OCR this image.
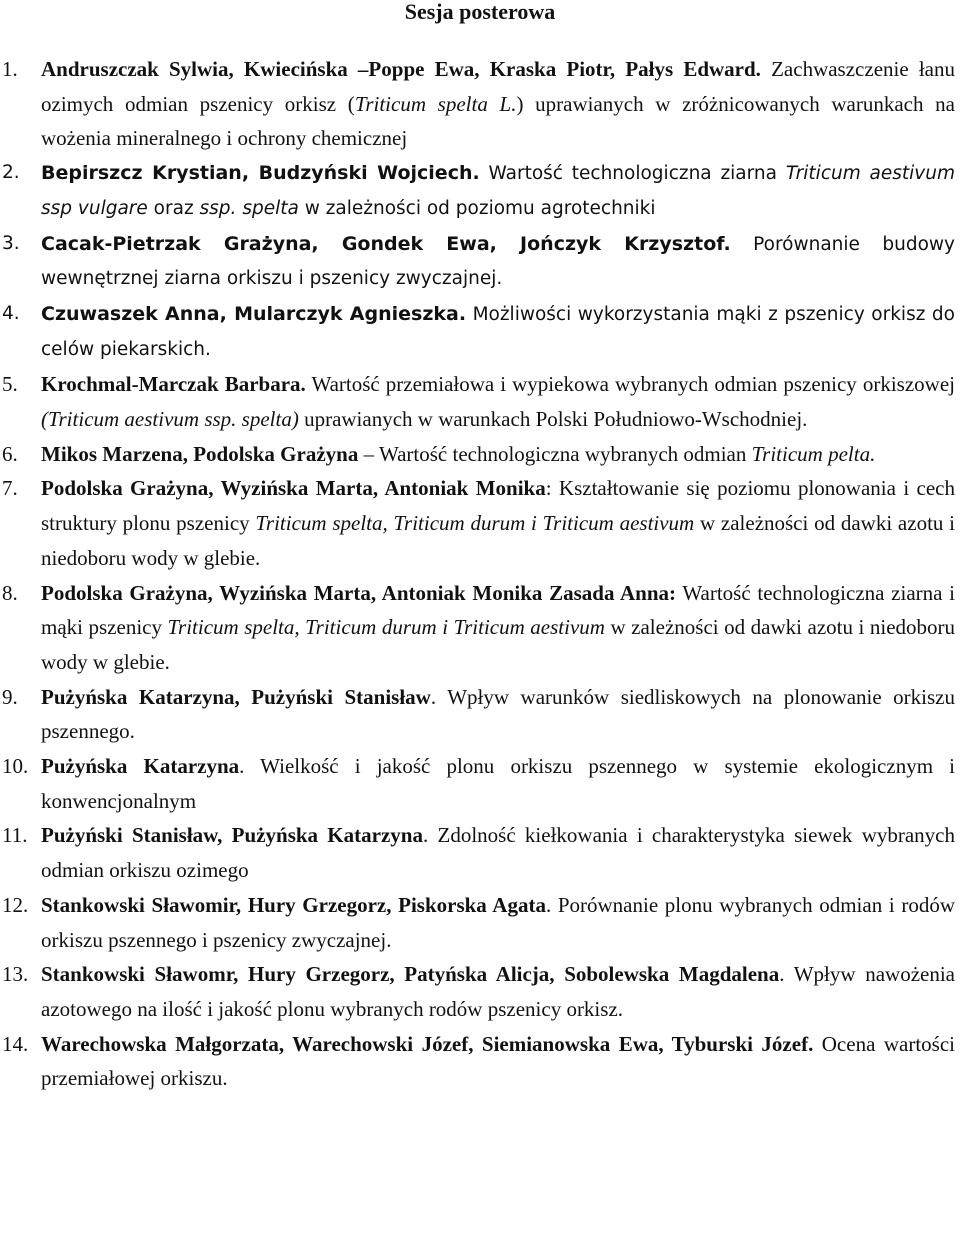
Sesja posterowa
1.	Andruszczak Sylwia, Kwiecińska –Poppe Ewa, Kraska Piotr, Pałys Edward. Zachwaszczenie łanu ozimych odmian pszenicy orkisz (Triticum spelta L.) uprawianych w zróżnicowanych warunkach na wożenia mineralnego i ochrony chemicznej
2.	Bepirszcz Krystian, Budzyński Wojciech. Wartość technologiczna ziarna Triticum aestivum ssp vulgare oraz ssp. spelta w zależności od poziomu agrotechniki
3.	Cacak-Pietrzak Grażyna, Gondek Ewa, Jończyk Krzysztof. Porównanie budowy wewnętrznej ziarna orkiszu i pszenicy zwyczajnej.
4.	Czuwaszek Anna, Mularczyk Agnieszka. Możliwości wykorzystania mąki z pszenicy orkisz do celów piekarskich.
5.	Krochmal-Marczak Barbara. Wartość przemiałowa i wypiekowa wybranych odmian pszenicy orkiszowej (Triticum aestivum ssp. spelta) uprawianych w warunkach Polski Południowo-Wschodniej.
6.	Mikos Marzena, Podolska Grażyna – Wartość technologiczna wybranych odmian Triticum pelta.
7.	Podolska Grażyna, Wyzińska Marta, Antoniak Monika: Kształtowanie się poziomu plonowania i cech struktury plonu pszenicy Triticum spelta, Triticum durum i Triticum aestivum w zależności od dawki azotu i niedoboru wody w glebie.
8.	Podolska Grażyna, Wyzińska Marta, Antoniak Monika Zasada Anna: Wartość technologiczna ziarna i mąki pszenicy Triticum spelta, Triticum durum i Triticum aestivum w zależności od dawki azotu i niedoboru wody w glebie.
9.	Pużyńska Katarzyna, Pużyński Stanisław. Wpływ warunków siedliskowych na plonowanie orkiszu pszennego.
10. Pużyńska Katarzyna. Wielkość i jakość plonu orkiszu pszennego w systemie ekologicznym i konwencjonalnym
11. Pużyński Stanisław, Pużyńska Katarzyna. Zdolność kiełkowania i charakterystyka siewek wybranych odmian orkiszu ozimego
12. Stankowski Sławomir, Hury Grzegorz, Piskorska Agata. Porównanie plonu wybranych odmian i rodów orkiszu pszennego i pszenicy zwyczajnej.
13. Stankowski Sławomr, Hury Grzegorz, Patyńska Alicja, Sobolewska Magdalena. Wpływ nawożenia azotowego na ilość i jakość plonu wybranych rodów pszenicy orkisz.
14. Warechowska Małgorzata, Warechowski Józef, Siemianowska Ewa, Tyburski Józef. Ocena wartości przemiałowej orkiszu.
